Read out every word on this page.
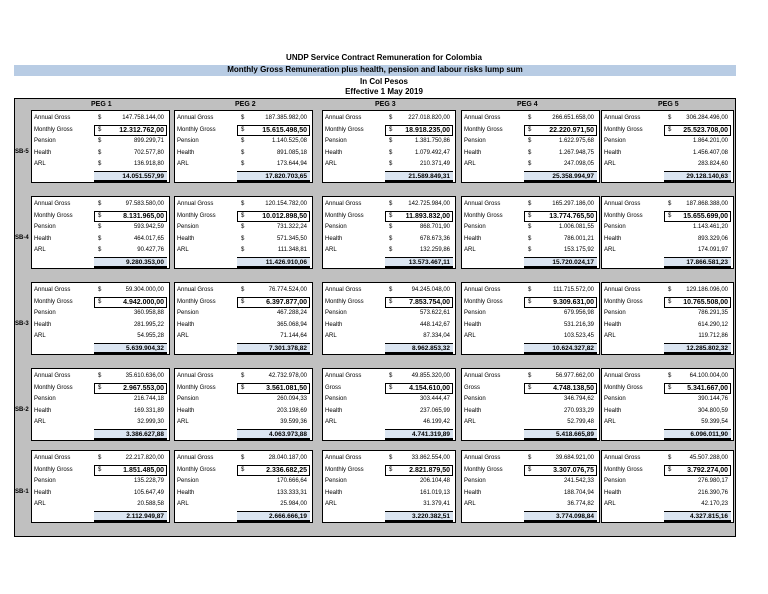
UNDP Service Contract Remuneration for Colombia
Monthly Gross Remuneration plus health, pension and labour risks lump sum
In Col Pesos
Effective 1 May 2019
PEG 1	PEG 2	PEG 3	PEG 4	PEG 5
SB-5
Annual Gross	$	147.758.144,00
Monthly Gross	$	12.312.762,00
Pension	$	899.299,71
Health	$	702.577,80
ARL	$	136.918,80
14.051.557,99
Annual Gross	$	187.385.982,00
Monthly Gross	$	15.615.498,50
Pension	$	1.140.525,08
Health	$	891.085,18
ARL	$	173.644,94
17.820.703,65
Annual Gross	$	227.018.820,00
Monthly Gross	$	18.918.235,00
Pension	$	1.381.750,86
Health	$	1.079.492,47
ARL	$	210.371,49
21.589.849,31
Annual Gross	$	266.651.658,00
Monthly Gross	$	22.220.971,50
Pension	$	1.622.975,68
Health	$	1.267.948,75
ARL	$	247.098,05
25.358.994,97
Annual Gross	$	306.284.496,00
Monthly Gross	$	25.523.708,00
Pension	1.864.201,00
Health	1.456.407,08
ARL	283.824,60
29.128.140,63
SB-4
Annual Gross	$	97.583.580,00
Monthly Gross	$	8.131.965,00
Pension	$	593.942,59
Health	$	464.017,65
ARL	$	90.427,76
9.280.353,00
Annual Gross	$	120.154.782,00
Monthly Gross	$	10.012.898,50
Pension	$	731.322,24
Health	$	571.345,50
ARL	$	111.348,81
11.426.910,06
Annual Gross	$	142.725.984,00
Monthly Gross	$	11.893.832,00
Pension	$	868.701,90
Health	$	678.673,36
ARL	$	132.259,86
13.573.467,11
Annual Gross	$	165.297.186,00
Monthly Gross	$	13.774.765,50
Pension	$	1.006.081,55
Health	$	786.001,21
ARL	$	153.175,92
15.720.024,17
Annual Gross	$	187.868.388,00
Monthly Gross	$	15.655.699,00
Pension	1.143.461,20
Health	893.329,06
ARL	174.091,97
17.866.581,23
SB-3
Annual Gross	$	59.304.000,00
Monthly Gross	$	4.942.000,00
Pension	360.958,88
Health	281.995,22
ARL	54.955,28
5.639.904,32
Annual Gross	$	76.774.524,00
Monthly Gross	$	6.397.877,00
Pension	467.288,24
Health	365.068,94
ARL	71.144,64
7.301.378,82
Annual Gross	$	94.245.048,00
Monthly Gross	$	7.853.754,00
Pension	573.622,61
Health	448.142,67
ARL	87.334,04
8.962.853,32
Annual Gross	$	111.715.572,00
Monthly Gross	$	9.309.631,00
Pension	679.956,98
Health	531.216,39
ARL	103.523,45
10.624.327,82
Annual Gross	$	129.186.096,00
Monthly Gross	$	10.765.508,00
Pension	786.291,35
Health	614.290,12
ARL	119.712,86
12.285.802,32
SB-2
Annual Gross	$	35.610.636,00
Monthly Gross	$	2.967.553,00
Pension	216.744,18
Health	169.331,89
ARL	32.999,30
3.386.627,88
Annual Gross	$	42.732.978,00
Monthly Gross	$	3.561.081,50
Pension	260.094,33
Health	203.198,69
ARL	39.599,36
4.063.973,88
Annual Gross	$	49.855.320,00
Gross	$	4.154.610,00
Pension	303.444,47
Health	237.065,99
ARL	46.199,42
4.741.319,89
Annual Gross	$	56.977.662,00
Gross	$	4.748.138,50
Pension	346.794,62
Health	270.933,29
ARL	52.799,48
5.418.665,89
Annual Gross	$	64.100.004,00
Monthly Gross	$	5.341.667,00
Pension	390.144,76
Health	304.800,59
ARL	59.399,54
6.096.011,90
SB-1
Annual Gross	$	22.217.820,00
Monthly Gross	$	1.851.485,00
Pension	135.228,79
Health	105.647,49
ARL	20.588,58
2.112.949,87
Annual Gross	$	28.040.187,00
Monthly Gross	$	2.336.682,25
Pension	170.666,64
Health	133.333,31
ARL	25.984,00
2.666.666,19
Annual Gross	$	33.862.554,00
Monthly Gross	$	2.821.879,50
Pension	206.104,48
Health	161.019,13
ARL	31.379,41
3.220.382,51
Annual Gross	$	39.684.921,00
Monthly Gross	$	3.307.076,75
Pension	241.542,33
Health	188.704,94
ARL	36.774,82
3.774.098,84
Annual Gross	$	45.507.288,00
Monthly Gross	$	3.792.274,00
Pension	276.980,17
Health	216.390,76
ARL	42.170,23
4.327.815,16
